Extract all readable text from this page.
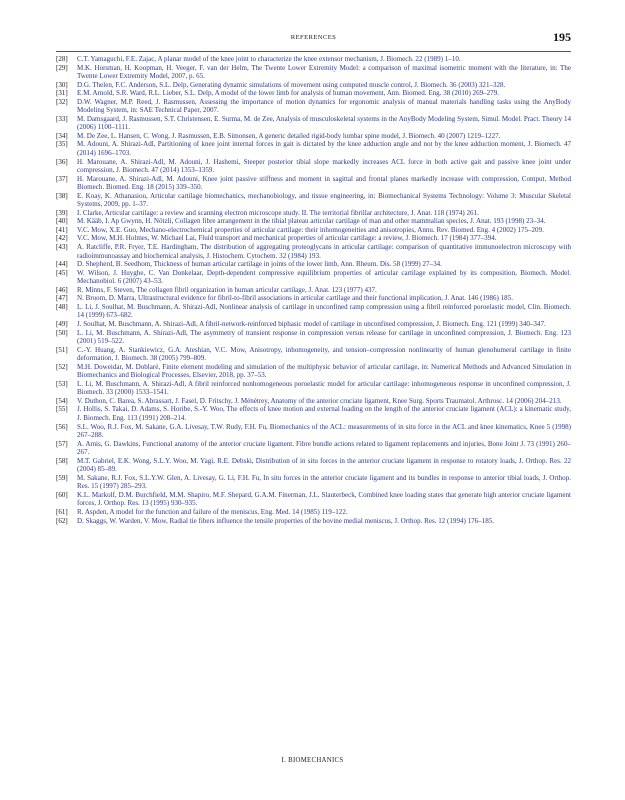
REFERENCES	195
[28] C.T. Yamaguchi, F.E. Zajac, A planar model of the knee joint to characterize the knee extensor mechanism, J. Biomech. 22 (1989) 1–10.
[29] M.K. Horsman, H. Koopman, H. Veeger, F. van der Helm, The Twente Lower Extremity Model: a comparison of maximal isometric moment with the literature, in: The Twente Lower Extremity Model, 2007, p. 65.
[30] D.G. Thelen, F.C. Anderson, S.L. Delp, Generating dynamic simulations of movement using computed muscle control, J. Biomech. 36 (2003) 321–328.
[31] E.M. Arnold, S.R. Ward, R.L. Lieber, S.L. Delp, A model of the lower limb for analysis of human movement, Ann. Biomed. Eng. 38 (2010) 269–279.
[32] D.W. Wagner, M.P. Reed, J. Rasmussen, Assessing the importance of motion dynamics for ergonomic analysis of manual materials handling tasks using the AnyBody Modeling System, in: SAE Technical Paper, 2007.
[33] M. Damsgaard, J. Rasmussen, S.T. Christensen, E. Surma, M. de Zee, Analysis of musculoskeletal systems in the AnyBody Modeling System, Simul. Model. Pract. Theory 14 (2006) 1100–1111.
[34] M. De Zee, L. Hansen, C. Wong, J. Rasmussen, E.B. Simonsen, A generic detailed rigid-body lumbar spine model, J. Biomech. 40 (2007) 1219–1227.
[35] M. Adouni, A. Shirazi-Adl, Partitioning of knee joint internal forces in gait is dictated by the knee adduction angle and not by the knee adduction moment, J. Biomech. 47 (2014) 1696–1703.
[36] H. Marouane, A. Shirazi-Adl, M. Adouni, J. Hashemi, Steeper posterior tibial slope markedly increases ACL force in both active gait and passive knee joint under compression, J. Biomech. 47 (2014) 1353–1359.
[37] H. Marouane, A. Shirazi-Adl, M. Adouni, Knee joint passive stiffness and moment in sagittal and frontal planes markedly increase with compression, Comput. Method Biomech. Biomed. Eng. 18 (2015) 339–350.
[38] E. Koay, K. Athanasiou, Articular cartilage biomechanics, mechanobiology, and tissue engineering, in: Biomechanical Systems Technology: Volume 3: Muscular Skeletal Systems, 2009, pp. 1–37.
[39] I. Clarke, Articular cartilage: a review and scanning electron microscope study. II. The territorial fibrillar architecture, J. Anat. 118 (1974) 261.
[40] M. Kääb, I. Ap Gwynn, H. Nötzli, Collagen fibre arrangement in the tibial plateau articular cartilage of man and other mammalian species, J. Anat. 193 (1998) 23–34.
[41] V.C. Mow, X.E. Guo, Mechano-electrochemical properties of articular cartilage: their inhomogeneities and anisotropies, Annu. Rev. Biomed. Eng. 4 (2002) 175–209.
[42] V.C. Mow, M.H. Holmes, W. Michael Lai, Fluid transport and mechanical properties of articular cartilage: a review, J. Biomech. 17 (1984) 377–394.
[43] A. Ratcliffe, P.R. Fryer, T.E. Hardingham, The distribution of aggregating proteoglycans in articular cartilage: comparison of quantitative immunoelectron microscopy with radioimmunoassay and biochemical analysis, J. Histochem. Cytochem. 32 (1984) 193.
[44] D. Shepherd, B. Seedhom, Thickness of human articular cartilage in joints of the lower limb, Ann. Rheum. Dis. 58 (1999) 27–34.
[45] W. Wilson, J. Huyghe, C. Van Donkelaar, Depth-dependent compressive equilibrium properties of articular cartilage explained by its composition, Biomech. Model. Mechanobiol. 6 (2007) 43–53.
[46] R. Minns, F. Steven, The collagen fibril organization in human articular cartilage, J. Anat. 123 (1977) 437.
[47] N. Broom, D. Marra, Ultrastructural evidence for fibril-to-fibril associations in articular cartilage and their functional implication, J. Anat. 146 (1986) 185.
[48] L. Li, J. Soulhat, M. Buschmann, A. Shirazi-Adl, Nonlinear analysis of cartilage in unconfined ramp compression using a fibril reinforced poroelastic model, Clin. Biomech. 14 (1999) 673–682.
[49] J. Soulhat, M. Buschmann, A. Shirazi-Adl, A fibril-network-reinforced biphasic model of cartilage in unconfined compression, J. Biomech. Eng. 121 (1999) 340–347.
[50] L. Li, M. Buschmann, A. Shirazi-Adl, The asymmetry of transient response in compression versus release for cartilage in unconfined compression, J. Biomech. Eng. 123 (2001) 519–522.
[51] C.-Y. Huang, A. Stankiewicz, G.A. Ateshian, V.C. Mow, Anisotropy, inhomogeneity, and tension–compression nonlinearity of human glenohumeral cartilage in finite deformation, J. Biomech. 38 (2005) 799–809.
[52] M.H. Doweidar, M. Doblaré, Finite element modeling and simulation of the multiphysic behavior of articular cartilage, in: Numerical Methods and Advanced Simulation in Biomechanics and Biological Processes, Elsevier, 2018, pp. 37–53.
[53] L. Li, M. Buschmann, A. Shirazi-Adl, A fibril reinforced nonhomogeneous poroelastic model for articular cartilage: inhomogeneous response in unconfined compression, J. Biomech. 33 (2000) 1533–1541.
[54] V. Duthon, C. Barea, S. Abrassart, J. Fasel, D. Fritschy, J. Ménétrey, Anatomy of the anterior cruciate ligament, Knee Surg. Sports Traumatol. Arthrosc. 14 (2006) 204–213.
[55] J. Hollis, S. Takai, D. Adams, S. Horibe, S.-Y. Woo, The effects of knee motion and external loading on the length of the anterior cruciate ligament (ACL): a kinematic study, J. Biomech. Eng. 113 (1991) 208–214.
[56] S.L. Woo, R.J. Fox, M. Sakane, G.A. Livesay, T.W. Rudy, F.H. Fu, Biomechanics of the ACL: measurements of in situ force in the ACL and knee kinematics, Knee 5 (1998) 267–288.
[57] A. Amis, G. Dawkins, Functional anatomy of the anterior cruciate ligament. Fibre bundle actions related to ligament replacements and injuries, Bone Joint J. 73 (1991) 260–267.
[58] M.T. Gabriel, E.K. Wong, S.L.Y. Woo, M. Yagi, R.E. Debski, Distribution of in situ forces in the anterior cruciate ligament in response to rotatory loads, J. Orthop. Res. 22 (2004) 85–89.
[59] M. Sakane, R.J. Fox, S.L.Y.W. Glen, A. Livesay, G. Li, F.H. Fu, In situ forces in the anterior cruciate ligament and its bundles in response to anterior tibial loads, J. Orthop. Res. 15 (1997) 285–293.
[60] K.L. Markolf, D.M. Burchfield, M.M. Shapiro, M.F. Shepard, G.A.M. Finerman, J.L. Slauterbeck, Combined knee loading states that generate high anterior cruciate ligament forces, J. Orthop. Res. 13 (1995) 930–935.
[61] R. Aspden, A model for the function and failure of the meniscus, Eng. Med. 14 (1985) 119–122.
[62] D. Skaggs, W. Warden, V. Mow, Radial tie fibers influence the tensile properties of the bovine medial meniscus, J. Orthop. Res. 12 (1994) 176–185.
I. BIOMECHANICS
